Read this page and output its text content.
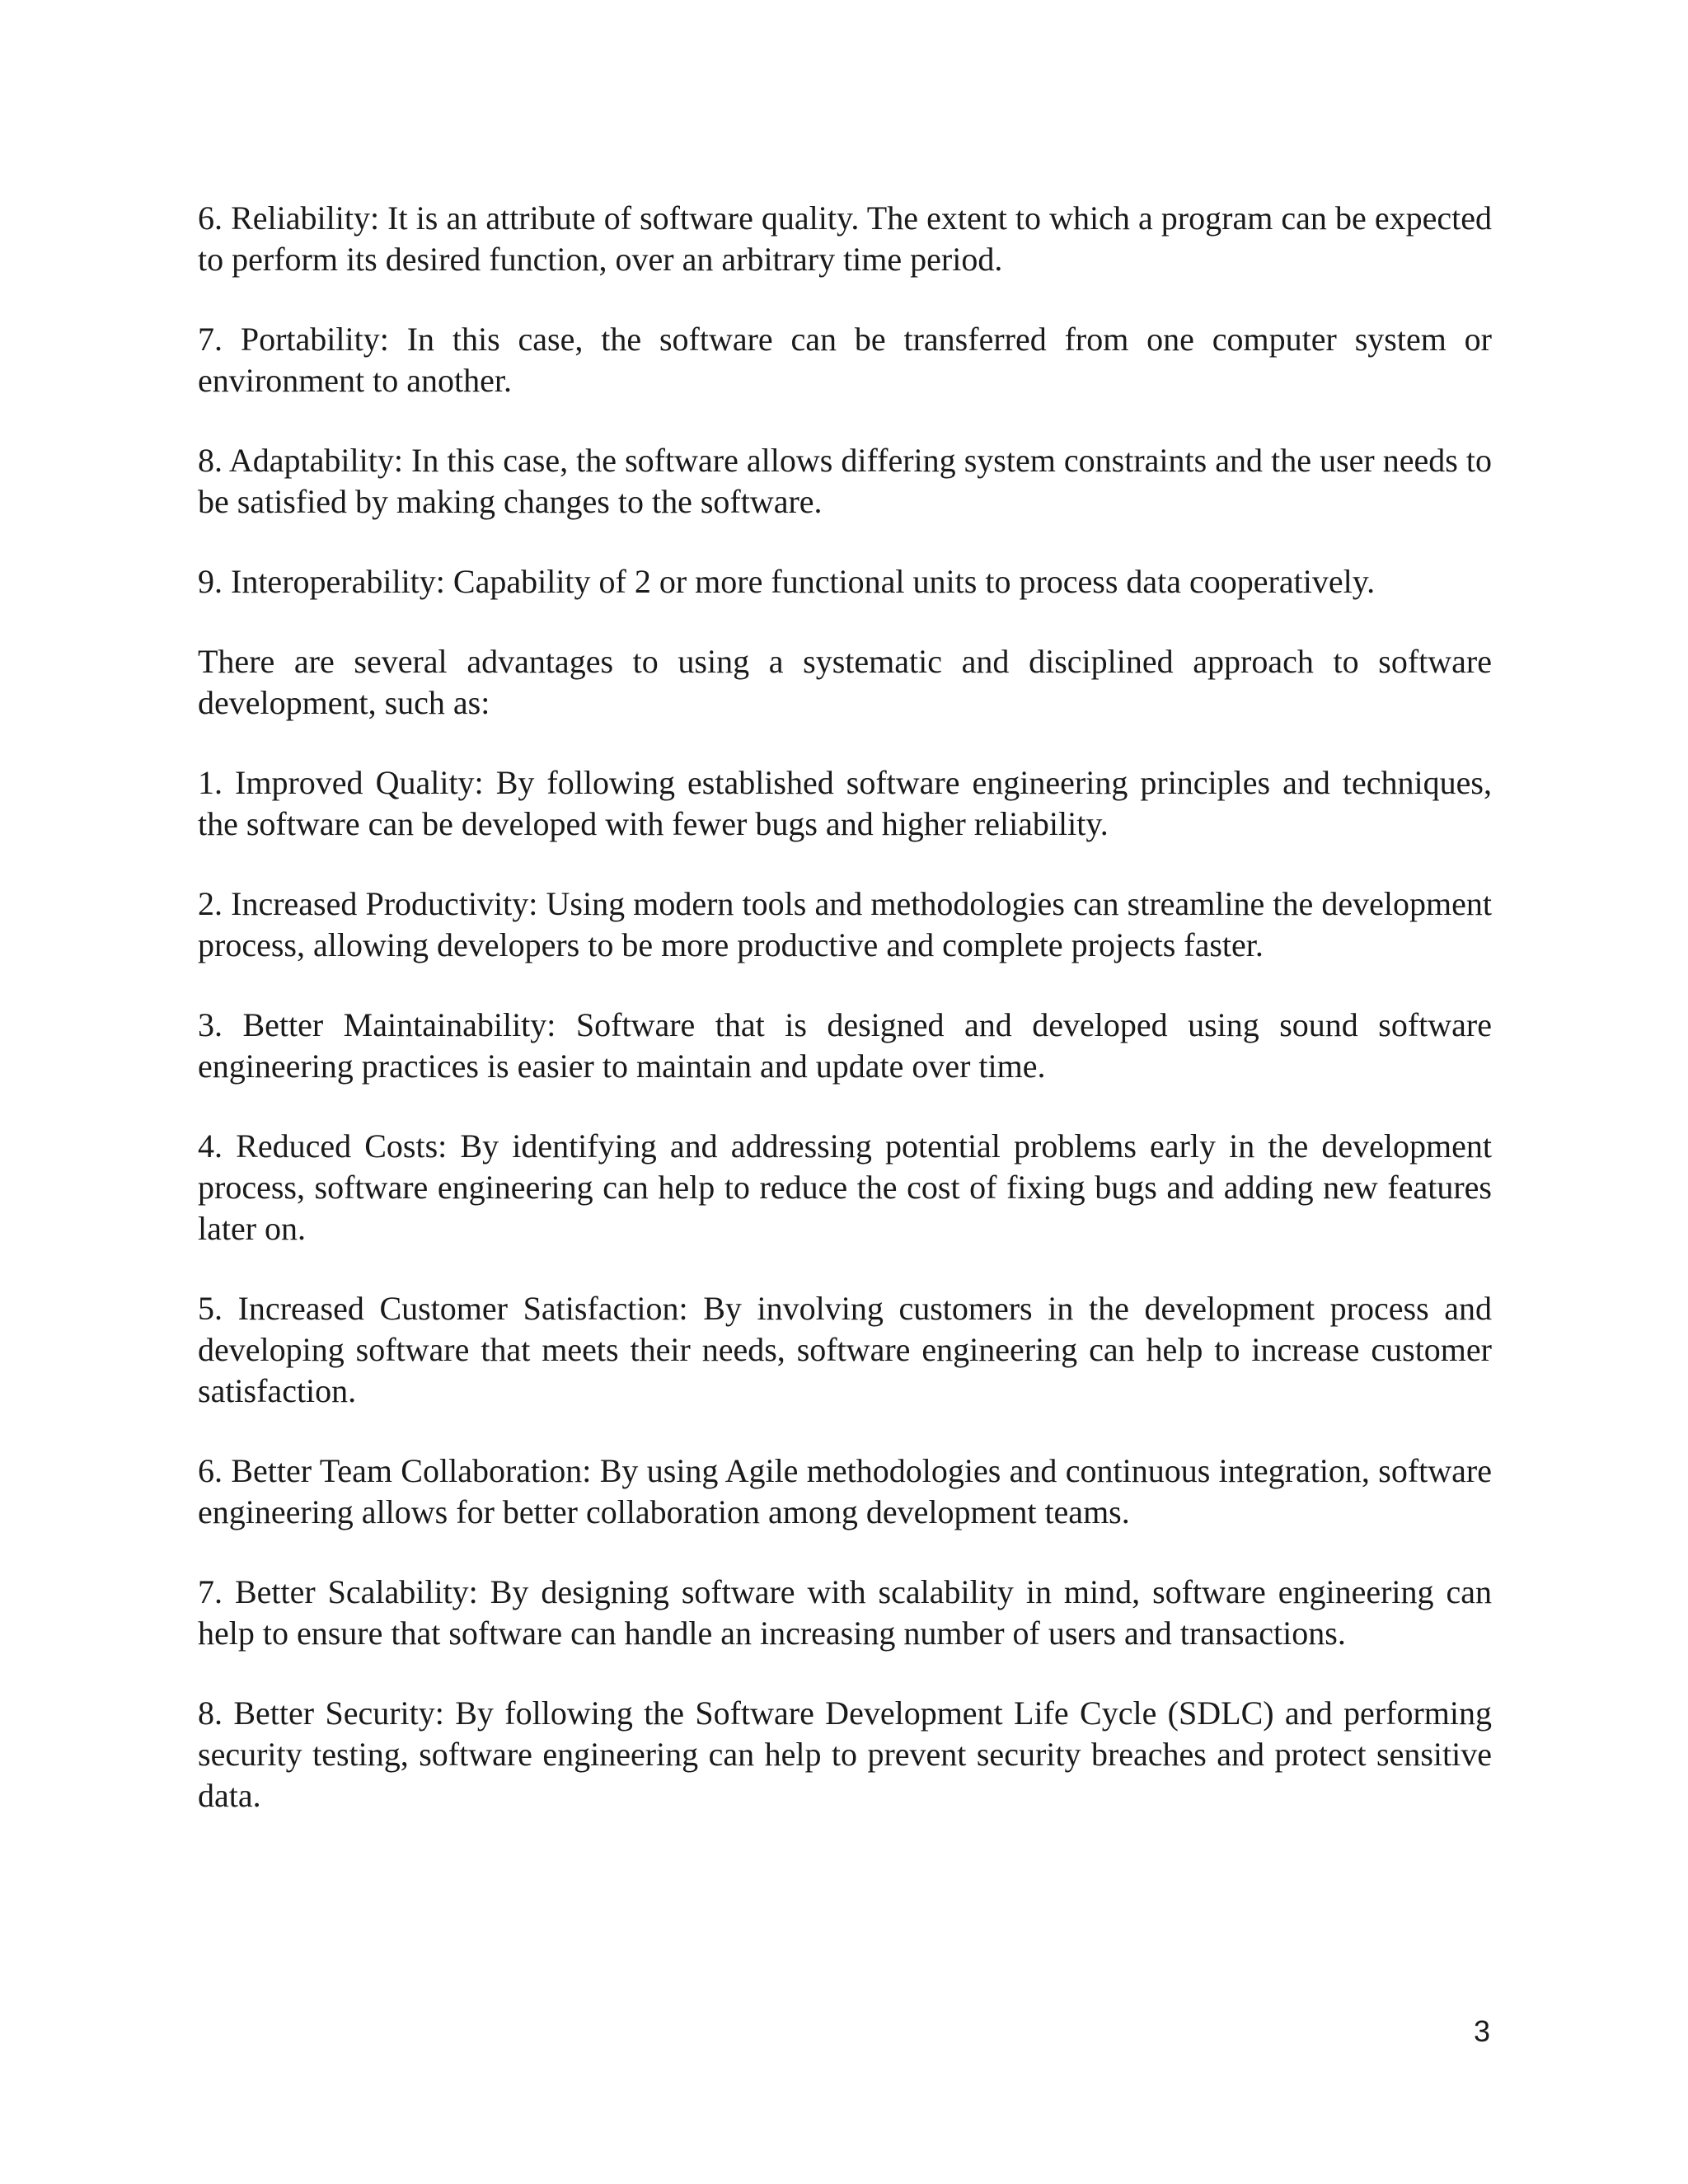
6. Reliability: It is an attribute of software quality. The extent to which a program can be expected to perform its desired function, over an arbitrary time period.

7. Portability: In this case, the software can be transferred from one computer system or environment to another.

8. Adaptability: In this case, the software allows differing system constraints and the user needs to be satisfied by making changes to the software.

9. Interoperability: Capability of 2 or more functional units to process data cooperatively.

There are several advantages to using a systematic and disciplined approach to software development, such as:

1. Improved Quality: By following established software engineering principles and techniques, the software can be developed with fewer bugs and higher reliability.

2. Increased Productivity: Using modern tools and methodologies can streamline the development process, allowing developers to be more productive and complete projects faster.

3. Better Maintainability: Software that is designed and developed using sound software engineering practices is easier to maintain and update over time.

4. Reduced Costs: By identifying and addressing potential problems early in the development process, software engineering can help to reduce the cost of fixing bugs and adding new features later on.

5. Increased Customer Satisfaction: By involving customers in the development process and developing software that meets their needs, software engineering can help to increase customer satisfaction.

6. Better Team Collaboration: By using Agile methodologies and continuous integration, software engineering allows for better collaboration among development teams.

7. Better Scalability: By designing software with scalability in mind, software engineering can help to ensure that software can handle an increasing number of users and transactions.

8. Better Security: By following the Software Development Life Cycle (SDLC) and performing security testing, software engineering can help to prevent security breaches and protect sensitive data.

3
